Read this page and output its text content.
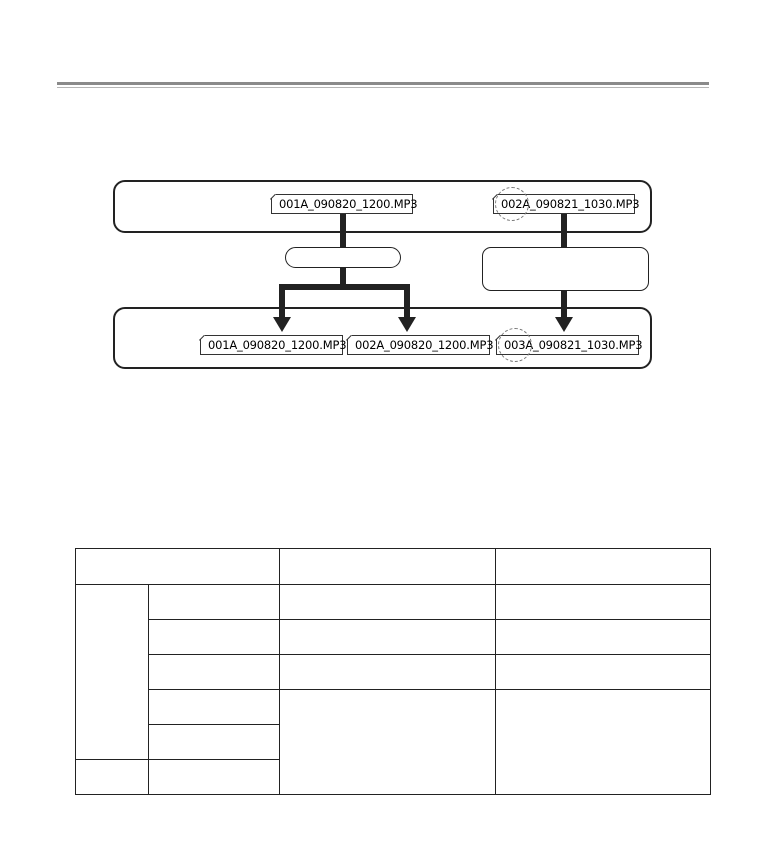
001A_090820_1200.MP3	002A_090821_1030.MP3
001A_090820_1200.MP3 002A_090820_1200.MP3 003A_090821_1030.MP3
